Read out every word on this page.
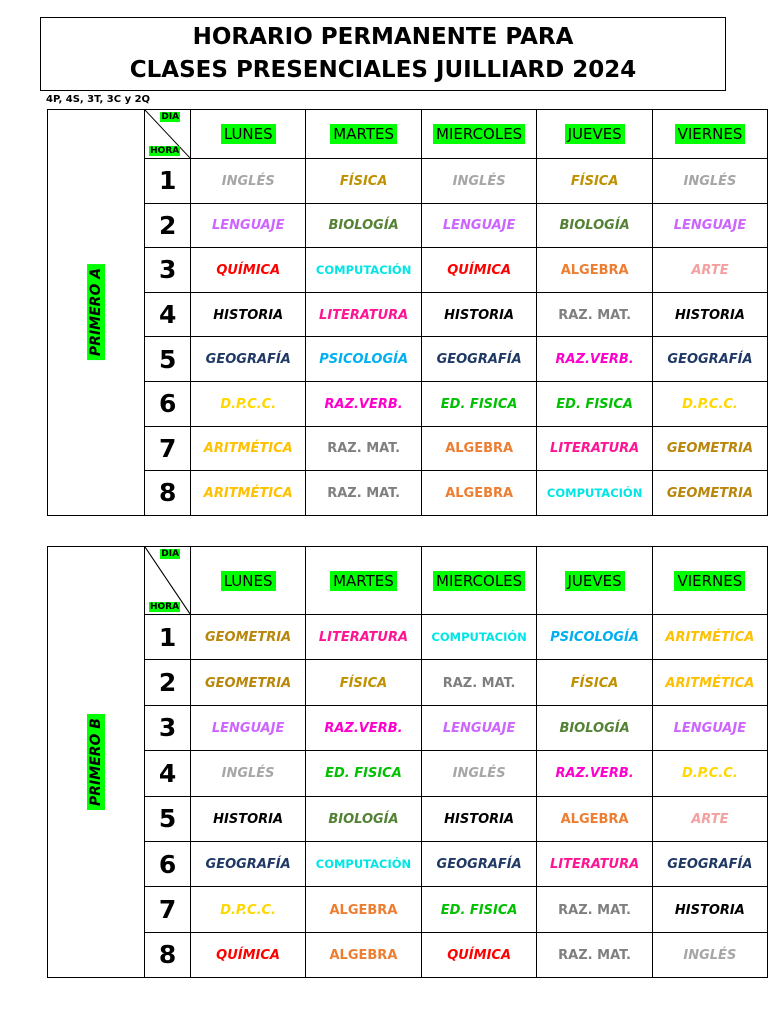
HORARIO PERMANENTE PARA
CLASES PRESENCIALES JUILLIARD 2024
4P, 4S, 3T, 3C y 2Q
PRIMERO A	DIA
HORA	LUNES	MARTES	MIERCOLES	JUEVES	VIERNES
	1	INGLÉS	FÍSICA	INGLÉS	FÍSICA	INGLÉS
	2	LENGUAJE	BIOLOGÍA	LENGUAJE	BIOLOGÍA	LENGUAJE
	3	QUÍMICA	COMPUTACIÓN	QUÍMICA	ALGEBRA	ARTE
	4	HISTORIA	LITERATURA	HISTORIA	RAZ. MAT.	HISTORIA
	5	GEOGRAFÍA	PSICOLOGÍA	GEOGRAFÍA	RAZ.VERB.	GEOGRAFÍA
	6	D.P.C.C.	RAZ.VERB.	ED. FISICA	ED. FISICA	D.P.C.C.
	7	ARITMÉTICA	RAZ. MAT.	ALGEBRA	LITERATURA	GEOMETRIA
	8	ARITMÉTICA	RAZ. MAT.	ALGEBRA	COMPUTACIÓN	GEOMETRIA
PRIMERO B	DIA
HORA	LUNES	MARTES	MIERCOLES	JUEVES	VIERNES
	1	GEOMETRIA	LITERATURA	COMPUTACIÓN	PSICOLOGÍA	ARITMÉTICA
	2	GEOMETRIA	FÍSICA	RAZ. MAT.	FÍSICA	ARITMÉTICA
	3	LENGUAJE	RAZ.VERB.	LENGUAJE	BIOLOGÍA	LENGUAJE
	4	INGLÉS	ED. FISICA	INGLÉS	RAZ.VERB.	D.P.C.C.
	5	HISTORIA	BIOLOGÍA	HISTORIA	ALGEBRA	ARTE
	6	GEOGRAFÍA	COMPUTACIÓN	GEOGRAFÍA	LITERATURA	GEOGRAFÍA
	7	D.P.C.C.	ALGEBRA	ED. FISICA	RAZ. MAT.	HISTORIA
	8	QUÍMICA	ALGEBRA	QUÍMICA	RAZ. MAT.	INGLÉS
